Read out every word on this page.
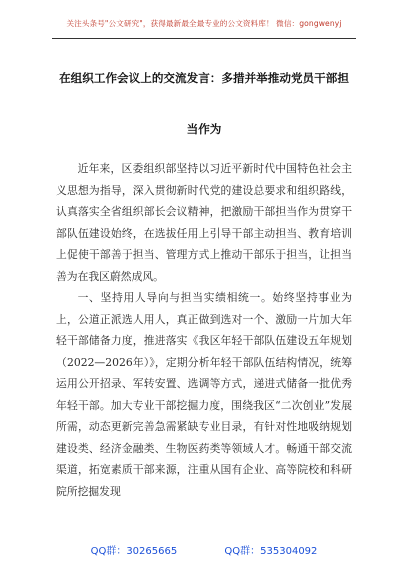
关注头条号"公文研究"，获得最新最全最专业的公文资料库！ 微信：gongwenyj
在组织工作会议上的交流发言：多措并举推动党员干部担
当作为

近年来，区委组织部坚持以习近平新时代中国特色社会主义思想为指导，深入贯彻新时代党的建设总要求和组织路线，认真落实全省组织部长会议精神，把激励干部担当作为贯穿干部队伍建设始终，在选拔任用上引导干部主动担当、教育培训上促使干部善于担当、管理方式上推动干部乐于担当，让担当善为在我区蔚然成风。

一、坚持用人导向与担当实绩相统一。始终坚持事业为上，公道正派选人用人，真正做到选对一个、激励一片加大年轻干部储备力度，推进落实《我区年轻干部队伍建设五年规划（2022—2026年）》，定期分析年轻干部队伍结构情况，统筹运用公开招录、军转安置、选调等方式，递进式储备一批优秀年轻干部。加大专业干部挖掘力度，围绕我区“二次创业”发展所需，动态更新完善急需紧缺专业目录，有针对性地吸纳规划建设类、经济金融类、生物医药类等领域人才。畅通干部交流渠道，拓宽素质干部来源，注重从国有企业、高等院校和科研院所挖掘发现

QQ群：30265665	QQ群：535304092
